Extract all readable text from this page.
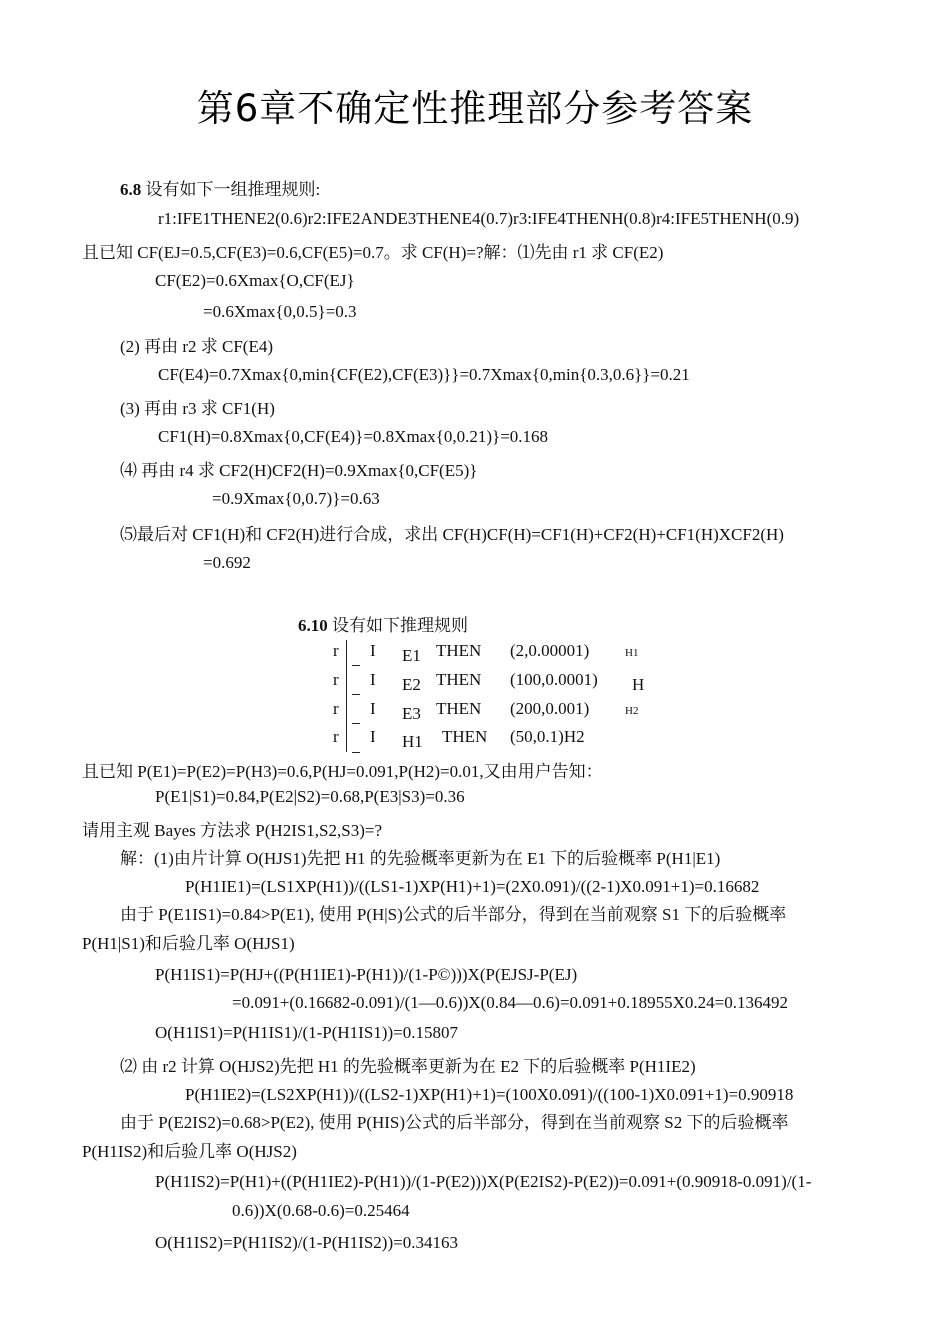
第6章不确定性推理部分参考答案
6.8 设有如下一组推理规则:
r1:IFE1THENE2(0.6)r2:IFE2ANDE3THENE4(0.7)r3:IFE4THENH(0.8)r4:IFE5THENH(0.9)
且已知 CF(EJ=0.5,CF(E3)=0.6,CF(E5)=0.7。求 CF(H)=?解：⑴先由 r1 求 CF(E2)
CF(E2)=0.6Xmax{O,CF(EJ}
=0.6Xmax{0,0.5}=0.3
(2) 再由 r2 求 CF(E4)
CF(E4)=0.7Xmax{0,min{CF(E2),CF(E3)}}=0.7Xmax{0,min{0.3,0.6}}=0.21
(3) 再由 r3 求 CF1(H)
CF1(H)=0.8Xmax{0,CF(E4)}=0.8Xmax{0,0.21)}=0.168
⑷ 再由 r4 求 CF2(H)CF2(H)=0.9Xmax{0,CF(E5)}
=0.9Xmax{0,0.7)}=0.63
⑸最后对 CF1(H)和 CF2(H)进行合成，求出 CF(H)CF(H)=CF1(H)+CF2(H)+CF1(H)XCF2(H)
=0.692
6.10 设有如下推理规则
r I E1 THEN (2,0.00001)	H1
r I E2 THEN (100,0.0001) H
r I E3 THEN (200,0.001)	H2
r I H1 THEN (50,0.1)H2
且已知 P(E1)=P(E2)=P(H3)=0.6,P(HJ=0.091,P(H2)=0.01,又由用户告知：
P(E1|S1)=0.84,P(E2|S2)=0.68,P(E3|S3)=0.36
请用主观 Bayes 方法求 P(H2IS1,S2,S3)=?
解：(1)由片计算 O(HJS1)先把 H1 的先验概率更新为在 E1 下的后验概率 P(H1|E1)
P(H1IE1)=(LS1XP(H1))/((LS1-1)XP(H1)+1)=(2X0.091)/((2-1)X0.091+1)=0.16682
由于 P(E1IS1)=0.84>P(E1), 使用 P(H|S)公式的后半部分，得到在当前观察 S1 下的后验概率
P(H1|S1)和后验几率 O(HJS1)
P(H1IS1)=P(HJ+((P(H1IE1)-P(H1))/(1-P©)))X(P(EJSJ-P(EJ)
=0.091+(0.16682-0.091)/(1—0.6))X(0.84—0.6)=0.091+0.18955X0.24=0.136492
O(H1IS1)=P(H1IS1)/(1-P(H1IS1))=0.15807
⑵ 由 r2 计算 O(HJS2)先把 H1 的先验概率更新为在 E2 下的后验概率 P(H1IE2)
P(H1IE2)=(LS2XP(H1))/((LS2-1)XP(H1)+1)=(100X0.091)/((100-1)X0.091+1)=0.90918
由于 P(E2IS2)=0.68>P(E2), 使用 P(HIS)公式的后半部分，得到在当前观察 S2 下的后验概率
P(H1IS2)和后验几率 O(HJS2)
P(H1IS2)=P(H1)+((P(H1IE2)-P(H1))/(1-P(E2)))X(P(E2IS2)-P(E2))=0.091+(0.90918-0.091)/(1-
0.6))X(0.68-0.6)=0.25464
O(H1IS2)=P(H1IS2)/(1-P(H1IS2))=0.34163
